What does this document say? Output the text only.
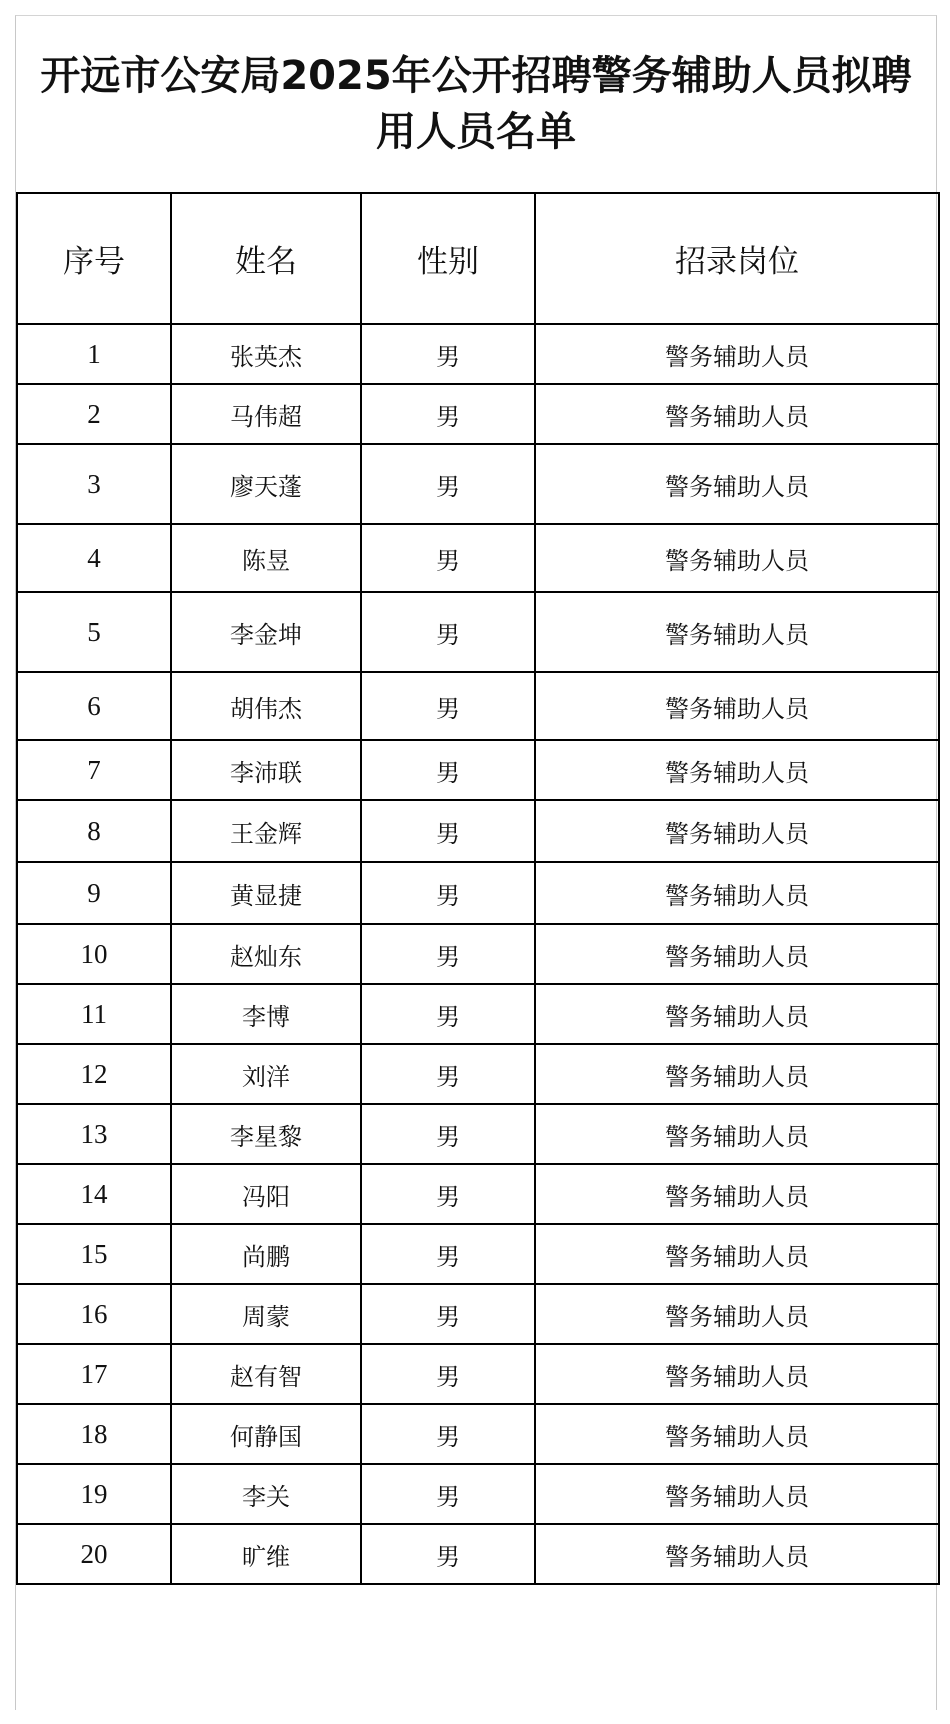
开远市公安局2025年公开招聘警务辅助人员拟聘用人员名单
序号	姓名	性别	招录岗位
1	张英杰	男	警务辅助人员
2	马伟超	男	警务辅助人员
3	廖天蓬	男	警务辅助人员
4	陈昱	男	警务辅助人员
5	李金坤	男	警务辅助人员
6	胡伟杰	男	警务辅助人员
7	李沛联	男	警务辅助人员
8	王金辉	男	警务辅助人员
9	黄显捷	男	警务辅助人员
10	赵灿东	男	警务辅助人员
11	李博	男	警务辅助人员
12	刘洋	男	警务辅助人员
13	李星黎	男	警务辅助人员
14	冯阳	男	警务辅助人员
15	尚鹏	男	警务辅助人员
16	周蒙	男	警务辅助人员
17	赵有智	男	警务辅助人员
18	何静国	男	警务辅助人员
19	李关	男	警务辅助人员
20	旷维	男	警务辅助人员
